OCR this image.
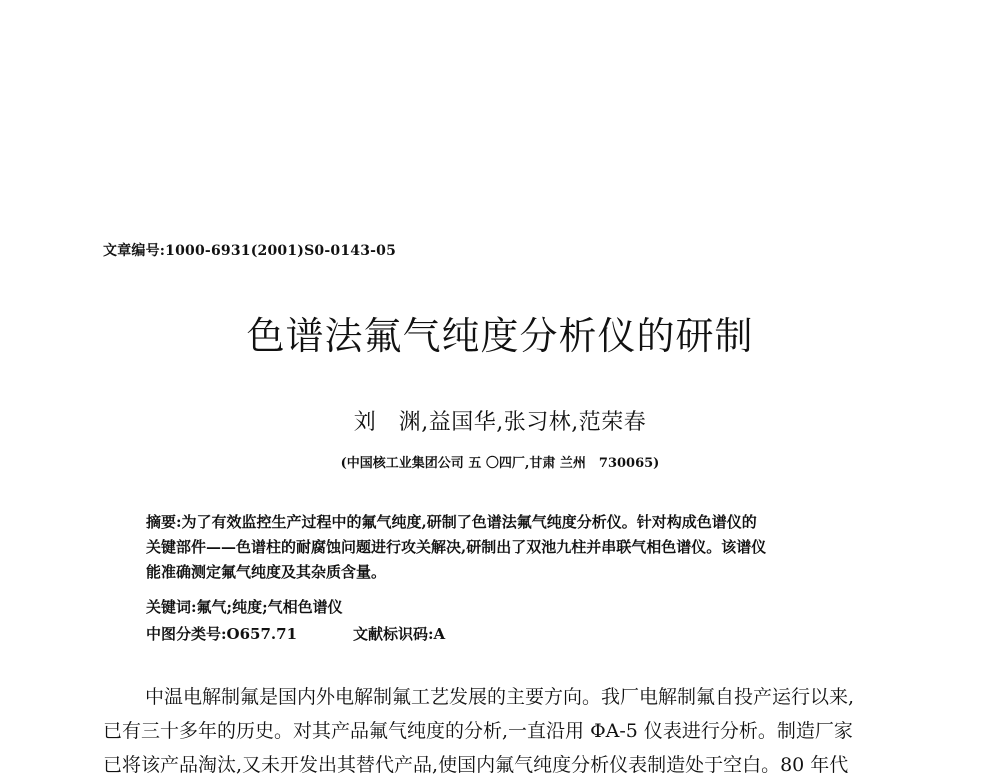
文章编号:1000-6931(2001)S0-0143-05
色谱法氟气纯度分析仪的研制
刘　渊,益国华,张习林,范荣春
(中国核工业集团公司 五 〇四厂,甘肃 兰州　730065)
摘要:为了有效监控生产过程中的氟气纯度,研制了色谱法氟气纯度分析仪。针对构成色谱仪的
关键部件——色谱柱的耐腐蚀问题进行攻关解决,研制出了双池九柱并串联气相色谱仪。该谱仪
能准确测定氟气纯度及其杂质含量。
关键词:氟气;纯度;气相色谱仪
中图分类号:O657.71	文献标识码:A
中温电解制氟是国内外电解制氟工艺发展的主要方向。我厂电解制氟自投产运行以来,
已有三十多年的历史。对其产品氟气纯度的分析,一直沿用 ΦA-5 仪表进行分析。制造厂家
已将该产品淘汰,又未开发出其替代产品,使国内氟气纯度分析仪表制造处于空白。80 年代
